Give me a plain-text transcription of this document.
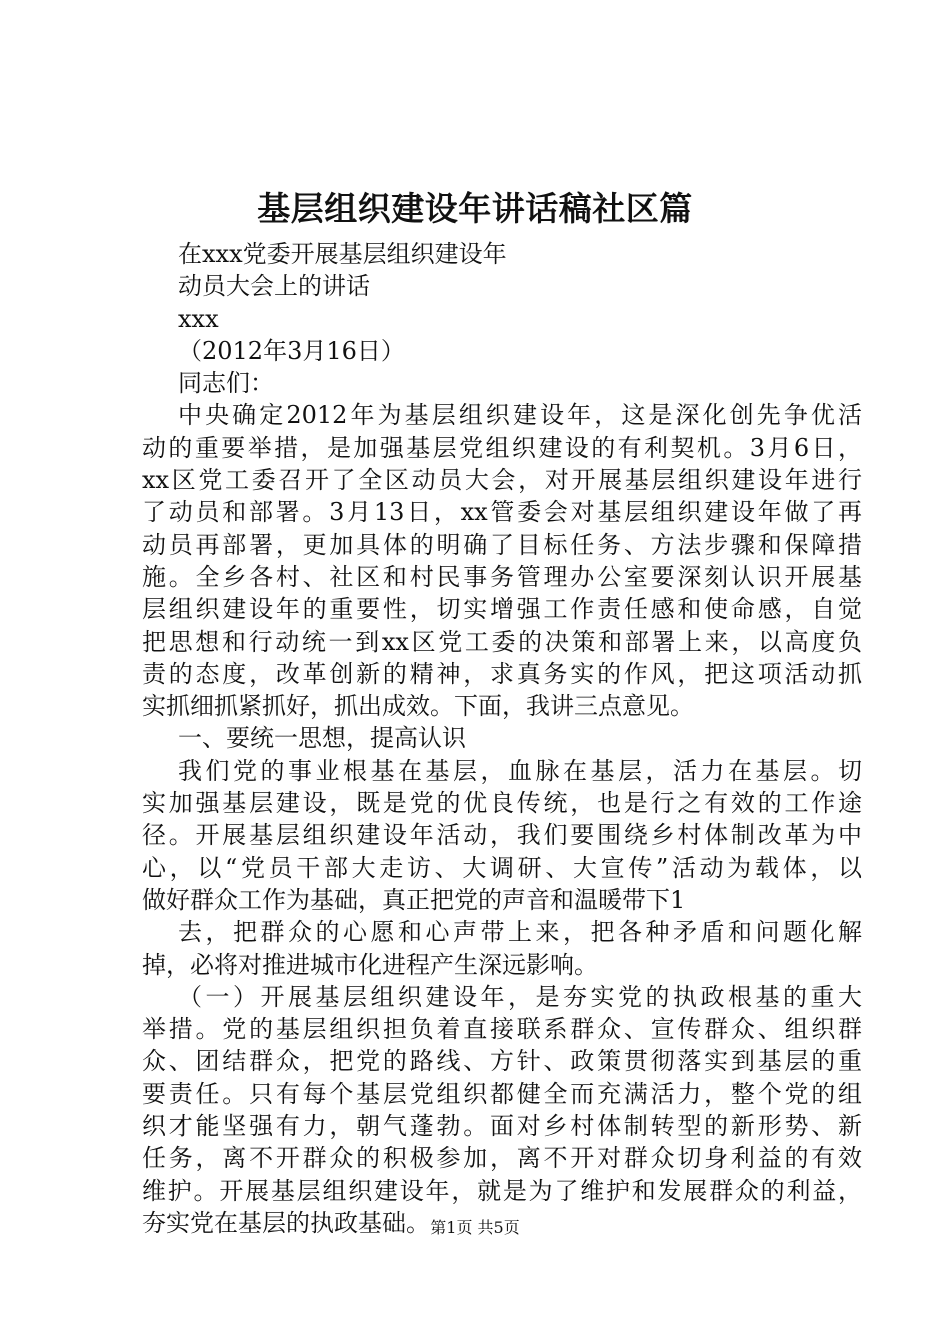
基层组织建设年讲话稿社区篇

在xxx党委开展基层组织建设年

动员大会上的讲话

xxx

（2012年3月16日）

同志们：

中央确定2012年为基层组织建设年，这是深化创先争优活

动的重要举措，是加强基层党组织建设的有利契机。3月6日，

xx区党工委召开了全区动员大会，对开展基层组织建设年进行

了动员和部署。3月13日，xx管委会对基层组织建设年做了再

动员再部署，更加具体的明确了目标任务、方法步骤和保障措

施。全乡各村、社区和村民事务管理办公室要深刻认识开展基

层组织建设年的重要性，切实增强工作责任感和使命感，自觉

把思想和行动统一到xx区党工委的决策和部署上来，以高度负

责的态度，改革创新的精神，求真务实的作风，把这项活动抓

实抓细抓紧抓好，抓出成效。下面，我讲三点意见。

一、要统一思想，提高认识

我们党的事业根基在基层，血脉在基层，活力在基层。切

实加强基层建设，既是党的优良传统，也是行之有效的工作途

径。开展基层组织建设年活动，我们要围绕乡村体制改革为中

心，以“党员干部大走访、大调研、大宣传”活动为载体，以

做好群众工作为基础，真正把党的声音和温暖带下1

去，把群众的心愿和心声带上来，把各种矛盾和问题化解

掉，必将对推进城市化进程产生深远影响。

（一）开展基层组织建设年，是夯实党的执政根基的重大

举措。党的基层组织担负着直接联系群众、宣传群众、组织群

众、团结群众，把党的路线、方针、政策贯彻落实到基层的重

要责任。只有每个基层党组织都健全而充满活力，整个党的组

织才能坚强有力，朝气蓬勃。面对乡村体制转型的新形势、新

任务，离不开群众的积极参加，离不开对群众切身利益的有效

维护。开展基层组织建设年，就是为了维护和发展群众的利益，

夯实党在基层的执政基础。 第1页 共5页
